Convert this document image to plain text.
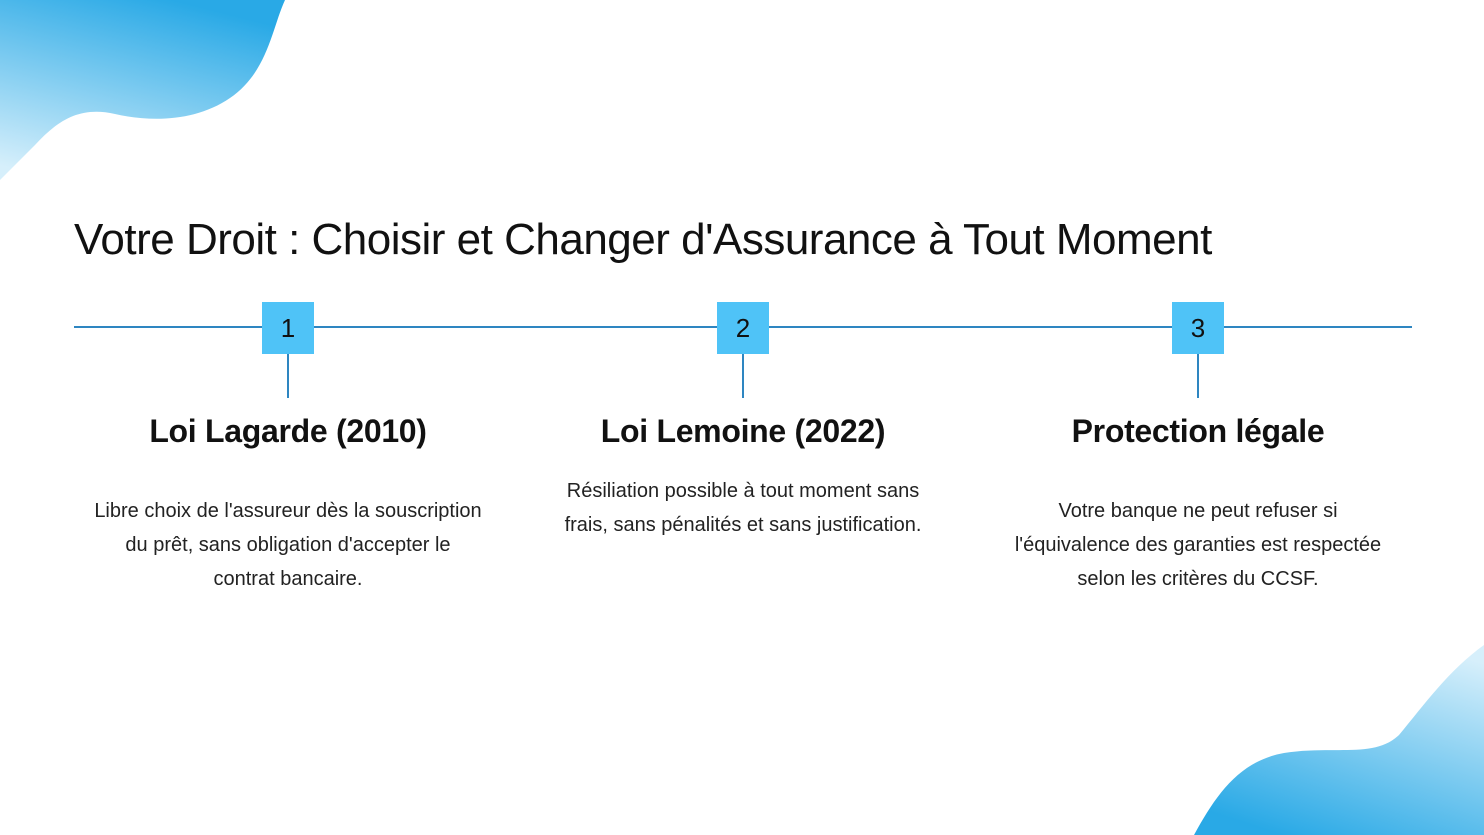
Votre Droit : Choisir et Changer d'Assurance à Tout Moment
1
Loi Lagarde (2010)

Libre choix de l'assureur dès la souscription du prêt, sans obligation d'accepter le contrat bancaire.

2
Loi Lemoine (2022)

Résiliation possible à tout moment sans frais, sans pénalités et sans justification.

3
Protection légale

Votre banque ne peut refuser si l'équivalence des garanties est respectée selon les critères du CCSF.
